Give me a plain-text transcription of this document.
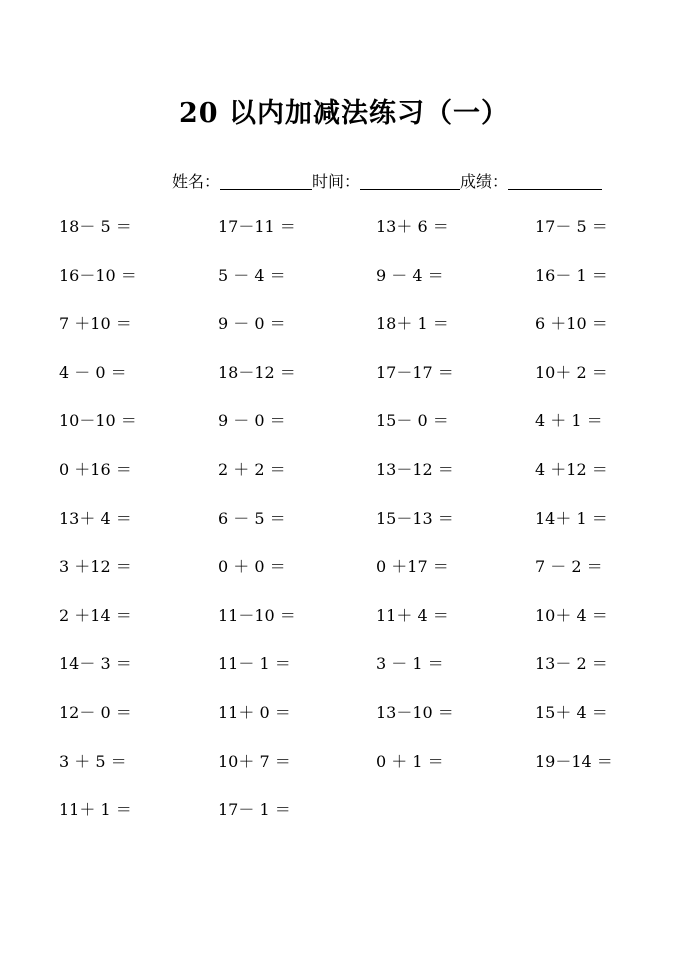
20 以内加减法练习（一）
姓名：	时间：	成绩：
18－ 5 ＝	17－11 ＝	13＋ 6 ＝	17－ 5 ＝
16－10 ＝	5 － 4 ＝	9 － 4 ＝	16－ 1 ＝
7 ＋10 ＝	9 － 0 ＝	18＋ 1 ＝	6 ＋10 ＝
4 － 0 ＝	18－12 ＝	17－17 ＝	10＋ 2 ＝
10－10 ＝	9 － 0 ＝	15－ 0 ＝	4 ＋ 1 ＝
0 ＋16 ＝	2 ＋ 2 ＝	13－12 ＝	4 ＋12 ＝
13＋ 4 ＝	6 － 5 ＝	15－13 ＝	14＋ 1 ＝
3 ＋12 ＝	0 ＋ 0 ＝	0 ＋17 ＝	7 － 2 ＝
2 ＋14 ＝	11－10 ＝	11＋ 4 ＝	10＋ 4 ＝
14－ 3 ＝	11－ 1 ＝	3 － 1 ＝	13－ 2 ＝
12－ 0 ＝	11＋ 0 ＝	13－10 ＝	15＋ 4 ＝
3 ＋ 5 ＝	10＋ 7 ＝	0 ＋ 1 ＝	19－14 ＝
11＋ 1 ＝	17－ 1 ＝
